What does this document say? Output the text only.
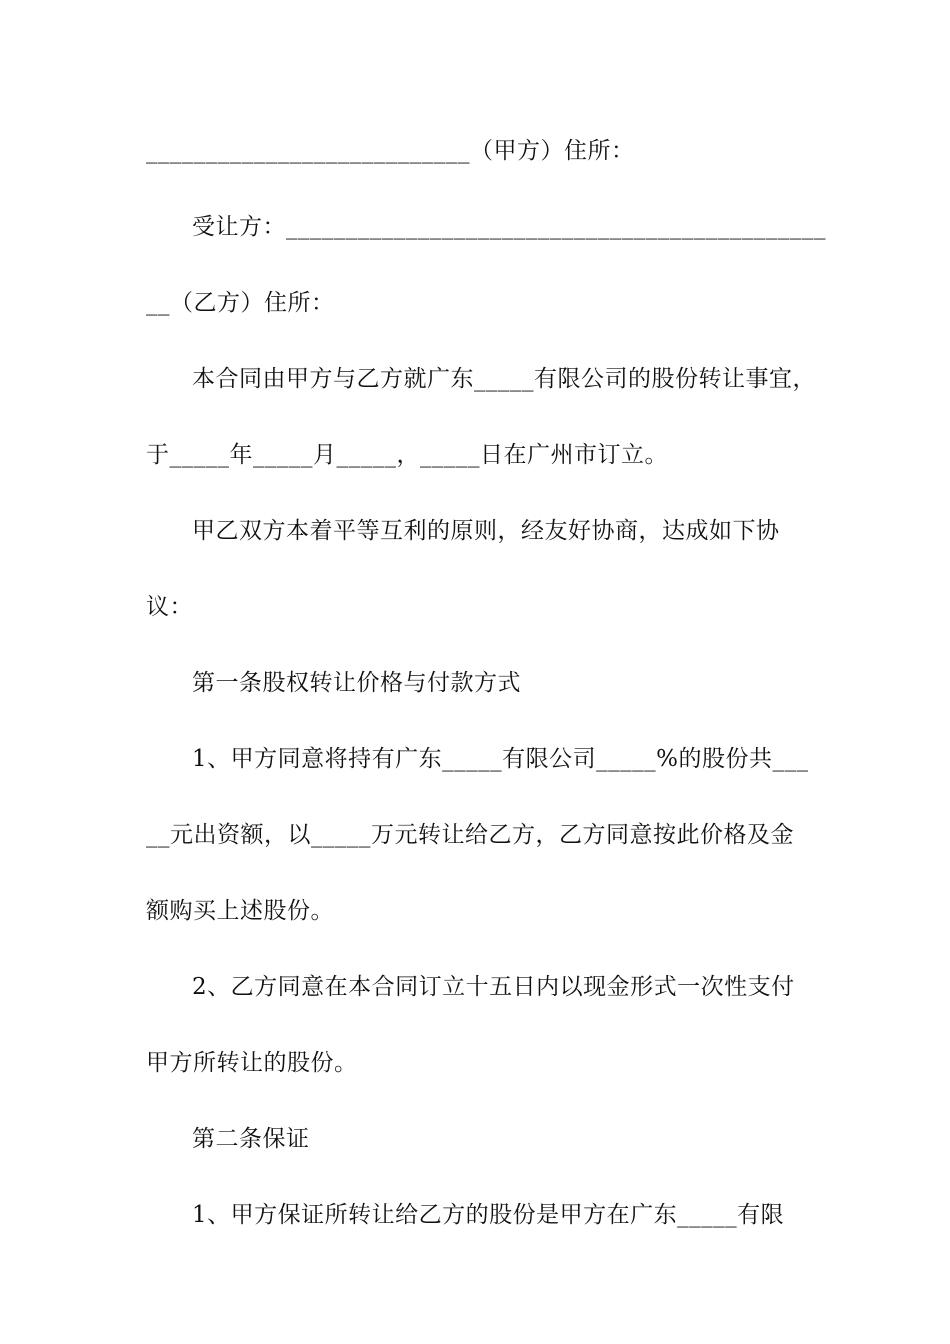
___________________________（甲方）住所：
受让方：_____________________________________________
__（乙方）住所：
本合同由甲方与乙方就广东_____有限公司的股份转让事宜，
于_____年_____月_____，_____日在广州市订立。
甲乙双方本着平等互利的原则，经友好协商，达成如下协
议：
第一条股权转让价格与付款方式
1、甲方同意将持有广东_____有限公司_____%的股份共___
__元出资额，以_____万元转让给乙方，乙方同意按此价格及金
额购买上述股份。
2、乙方同意在本合同订立十五日内以现金形式一次性支付
甲方所转让的股份。
第二条保证
1、甲方保证所转让给乙方的股份是甲方在广东_____有限
